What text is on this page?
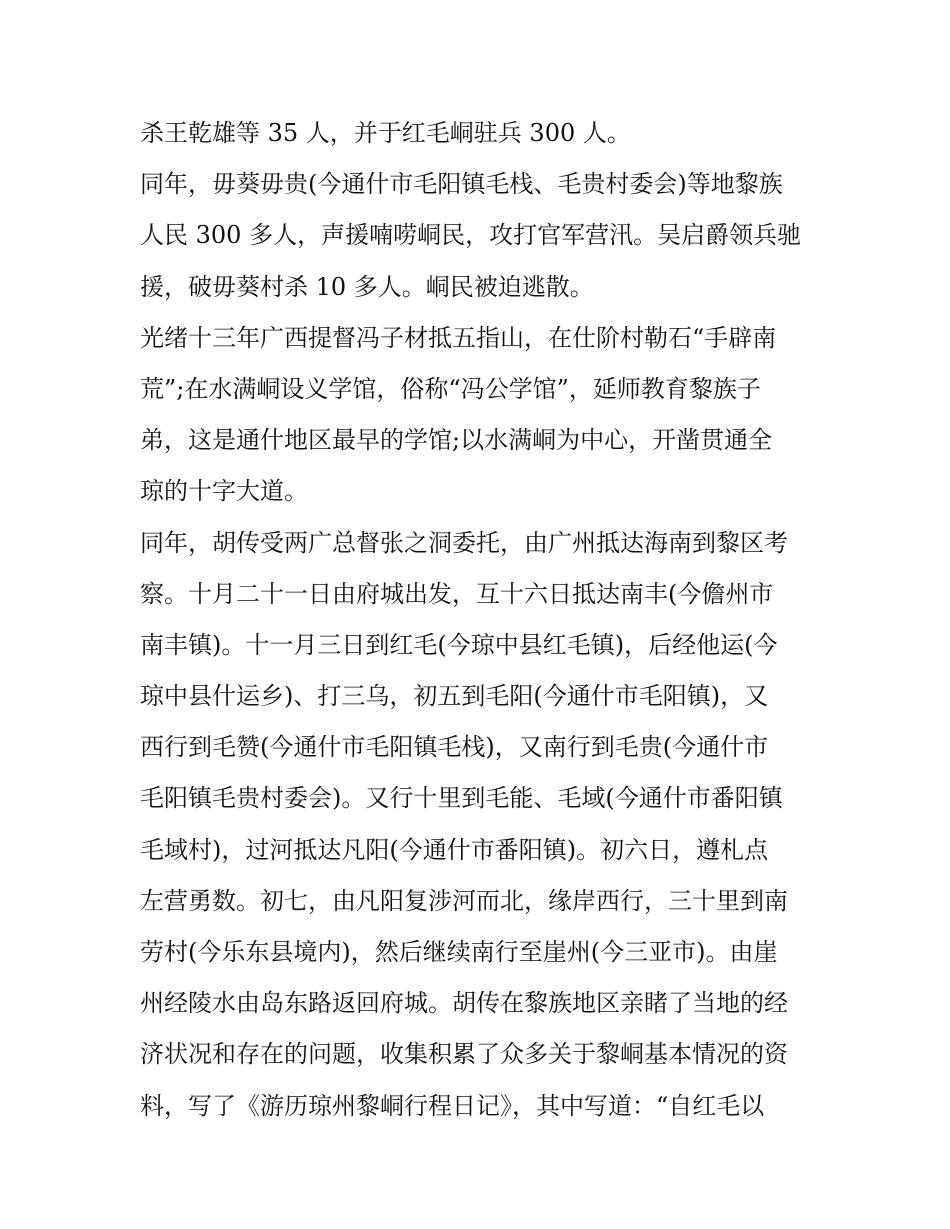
杀王乾雄等 35 人，并于红毛峒驻兵 300 人。
同年，毋葵毋贵(今通什市毛阳镇毛栈、毛贵村委会)等地黎族
人民 300 多人，声援喃唠峒民，攻打官军营汛。吴启爵领兵驰
援，破毋葵村杀 10 多人。峒民被迫逃散。
光绪十三年广西提督冯子材抵五指山，在仕阶村勒石“手辟南
荒”;在水满峒设义学馆，俗称“冯公学馆”，延师教育黎族子
弟，这是通什地区最早的学馆;以水满峒为中心，开凿贯通全
琼的十字大道。
同年，胡传受两广总督张之洞委托，由广州抵达海南到黎区考
察。十月二十一日由府城出发，互十六日抵达南丰(今儋州市
南丰镇)。十一月三日到红毛(今琼中县红毛镇)，后经他运(今
琼中县什运乡)、打三乌，初五到毛阳(今通什市毛阳镇)，又
西行到毛赞(今通什市毛阳镇毛栈)，又南行到毛贵(今通什市
毛阳镇毛贵村委会)。又行十里到毛能、毛域(今通什市番阳镇
毛域村)，过河抵达凡阳(今通什市番阳镇)。初六日，遵札点
左营勇数。初七，由凡阳复涉河而北，缘岸西行，三十里到南
劳村(今乐东县境内)，然后继续南行至崖州(今三亚市)。由崖
州经陵水由岛东路返回府城。胡传在黎族地区亲睹了当地的经
济状况和存在的问题，收集积累了众多关于黎峒基本情况的资
料，写了《游历琼州黎峒行程日记》，其中写道：“自红毛以
